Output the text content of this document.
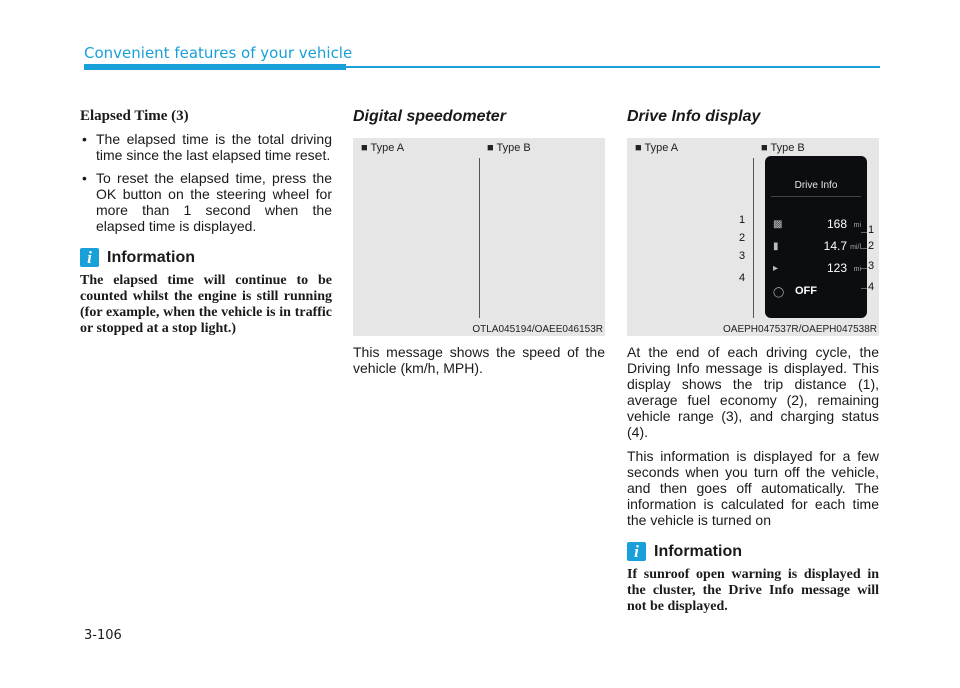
Convenient features of your vehicle
Elapsed Time (3)
• The elapsed time is the total driving time since the last elapsed time reset.
• To reset the elapsed time, press the OK button on the steering wheel for more than 1 second when the elapsed time is displayed.
i Information

The elapsed time will continue to be counted whilst the engine is still running (for example, when the vehicle is in traffic or stopped at a stop light.)

Digital speedometer
■ Type A	■ Type B
OTLA045194/OAEE046153R

This message shows the speed of the vehicle (km/h, MPH).

Drive Info display
■ Type A	■ Type B
1
2
3
4
Drive Info
▩	168 mi
▮	14.7 mi/l
▸	123 mi
◯ OFF
1
2
3
4
OAEPH047537R/OAEPH047538R

At the end of each driving cycle, the Driving Info message is displayed. This display shows the trip distance (1), average fuel economy (2), remaining vehicle range (3), and charging status (4).

This information is displayed for a few seconds when you turn off the vehicle, and then goes off automatically. The information is calculated for each time the vehicle is turned on

i Information

If sunroof open warning is displayed in the cluster, the Drive Info message will not be displayed.

3-106
